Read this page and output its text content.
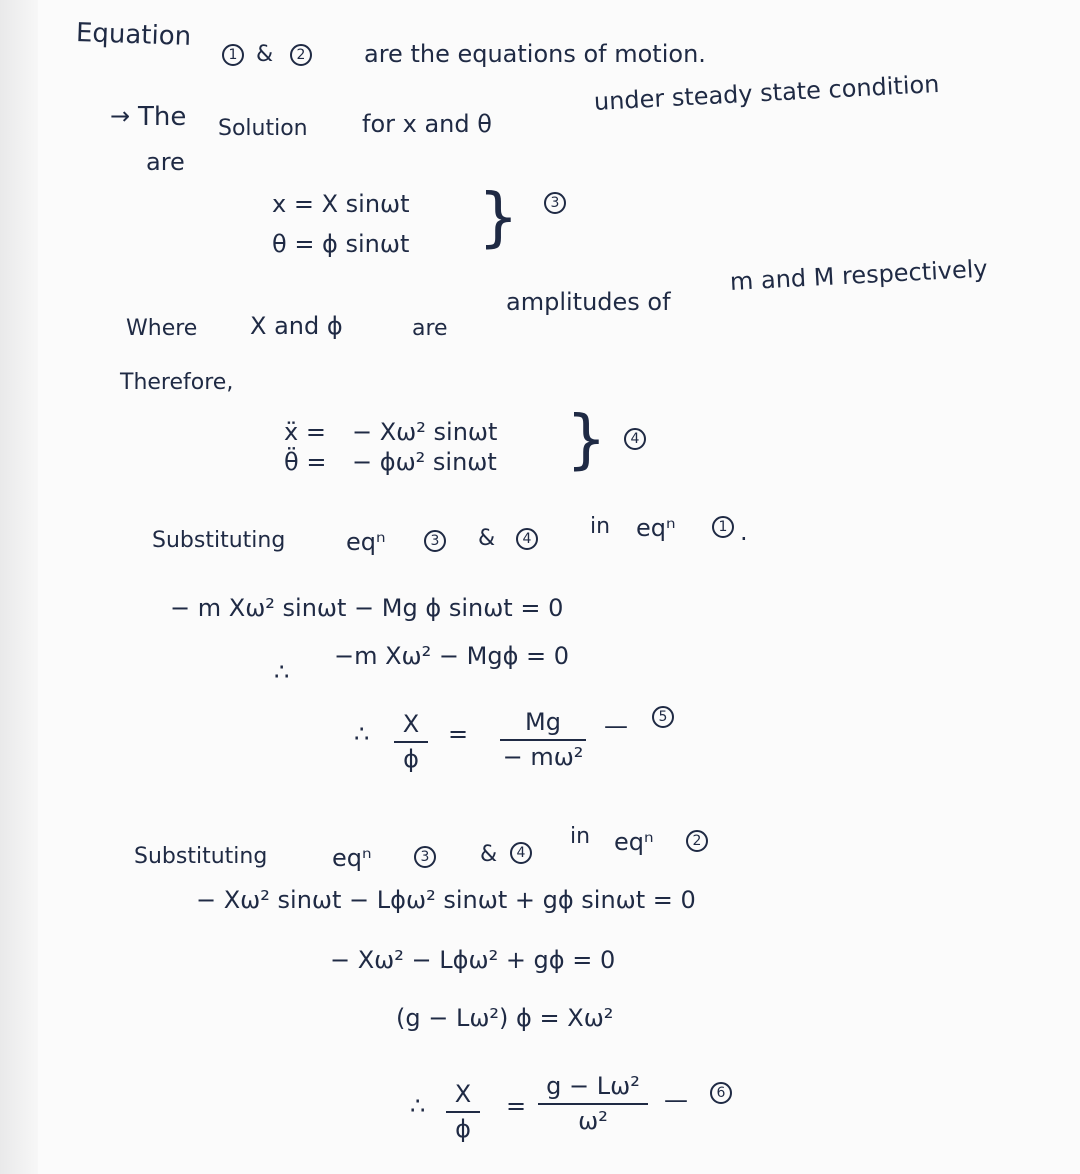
Equation
1 &	2 are the equations of motion.
→ The Solution for x and θ
under steady state condition
are
x = X sinωt
θ = ϕ sinωt }	3
Where X and ϕ	are
amplitudes of
m and M respectively
Therefore,
ẍ = − Xω² sinωt
θ̈ = − ϕω² sinωt }	4
Substituting	eqⁿ	3 &	4	in eqⁿ	1 .
− m Xω² sinωt − Mg ϕ sinωt = 0
∴
−m Xω² − Mgϕ = 0
∴	X
ϕ
=	Mg
− mω²
—	5
Substituting	eqⁿ	3 &	4
in eqⁿ	2
− Xω² sinωt − Lϕω² sinωt + gϕ sinωt = 0
− Xω² − Lϕω² + gϕ = 0
(g − Lω²) ϕ = Xω²
∴	X
ϕ
=
g − Lω²
ω²
—	6
